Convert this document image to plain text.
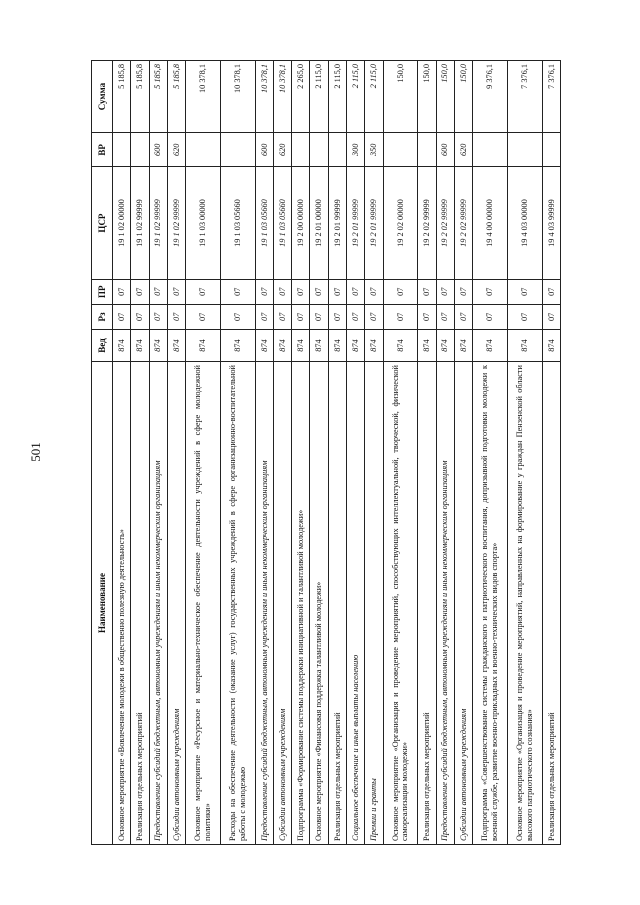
501
Наименование	Вед	Рз	ПР	ЦСР	ВР	Сумма
Основное мероприятие «Вовлечение молодежи в общественно полезную деятельность»	874	07	07	19 1 02 00000		5 185,8
Реализация отдельных мероприятий	874	07	07	19 1 02 99999		5 185,8
Предоставление субсидий бюджетным, автономным учреждениям и иным некоммерческим организациям	874	07	07	19 1 02 99999	600	5 185,8
Субсидии автономным учреждениям	874	07	07	19 1 02 99999	620	5 185,8
Основное мероприятие «Ресурсное и материально-техническое обеспечение деятельности учреждений в сфере молодежной политики»	874	07	07	19 1 03 00000		10 378,1
Расходы на обеспечение деятельности (оказание услуг) государственных учреждений в сфере организационно-воспитательной работы с молодежью	874	07	07	19 1 03 05660		10 378,1
Предоставление субсидий бюджетным, автономным учреждениям и иным некоммерческим организациям	874	07	07	19 1 03 05660	600	10 378,1
Субсидии автономным учреждениям	874	07	07	19 1 03 05660	620	10 378,1
Подпрограмма «Формирование системы поддержки инициативной и талантливой молодежи»	874	07	07	19 2 00 00000		2 265,0
Основное мероприятие «Финансовая поддержка талантливой молодежи»	874	07	07	19 2 01 00000		2 115,0
Реализация отдельных мероприятий	874	07	07	19 2 01 99999		2 115,0
Социальное обеспечение и иные выплаты населению	874	07	07	19 2 01 99999	300	2 115,0
Премии и гранты	874	07	07	19 2 01 99999	350	2 115,0
Основное мероприятие «Организация и проведение мероприятий, способствующих интеллектуальной, творческой, физической самореализации молодежи»	874	07	07	19 2 02 00000		150,0
Реализация отдельных мероприятий	874	07	07	19 2 02 99999		150,0
Предоставление субсидий бюджетным, автономным учреждениям и иным некоммерческим организациям	874	07	07	19 2 02 99999	600	150,0
Субсидии автономным учреждениям	874	07	07	19 2 02 99999	620	150,0
Подпрограмма «Совершенствование системы гражданского и патриотического воспитания, допризывной подготовки молодежи к военной службе, развитие военно-прикладных и военно-технических видов спорта»	874	07	07	19 4 00 00000		9 376,1
Основное мероприятие «Организация и проведение мероприятий, направленных на формирование у граждан Пензенской области высокого патриотического сознания»	874	07	07	19 4 03 00000		7 376,1
Реализация отдельных мероприятий	874	07	07	19 4 03 99999		7 376,1
